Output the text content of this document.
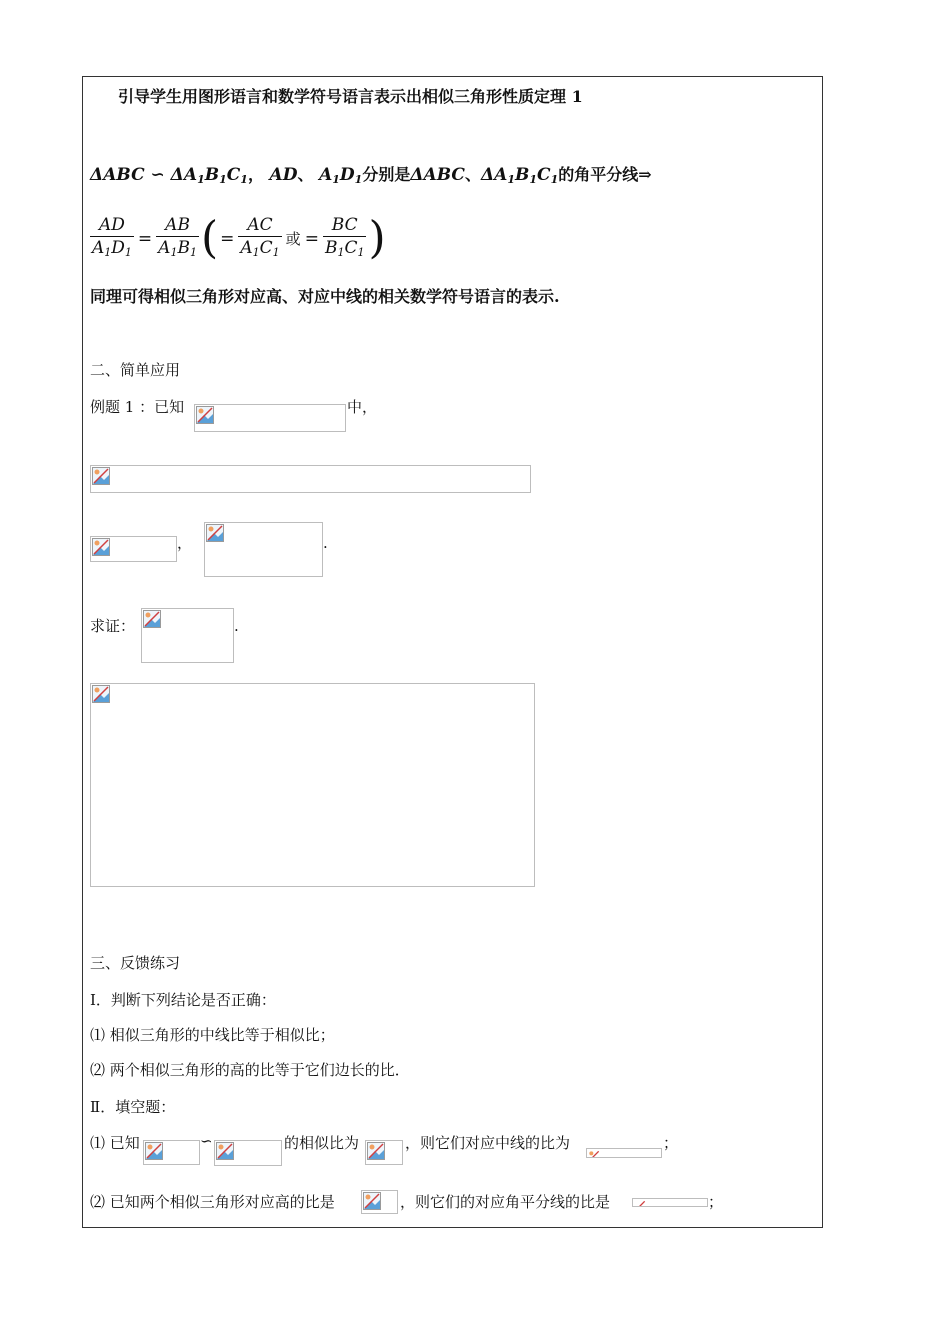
引导学生用图形语言和数学符号语言表示出相似三角形性质定理 1
ΔABC ∽ $\Delta A_1B_1C_1$， AD、 $A_1D_1$分别是ΔABC、$\Delta A_1B_1C_1$的角平分线⇒
$\frac{AD}{A_1D_1} = \frac{AB}{A_1B_1}$ ( = $\frac{AC}{A_1C_1}$ 或 = $\frac{BC}{B_1C_1}$ )
同理可得相似三角形对应高、对应中线的相关数学符号语言的表示.
二、简单应用
例题 1 ：已知	中，
，	.
求证：	.
三、反馈练习
Ⅰ．判断下列结论是否正确：
⑴ 相似三角形的中线比等于相似比；
⑵ 两个相似三角形的高的比等于它们边长的比．
Ⅱ．填空题：
⑴ 已知	∽	的相似比为	，则它们对应中线的比为	；
⑵ 已知两个相似三角形对应高的比是	，则它们的对应角平分线的比是	；
